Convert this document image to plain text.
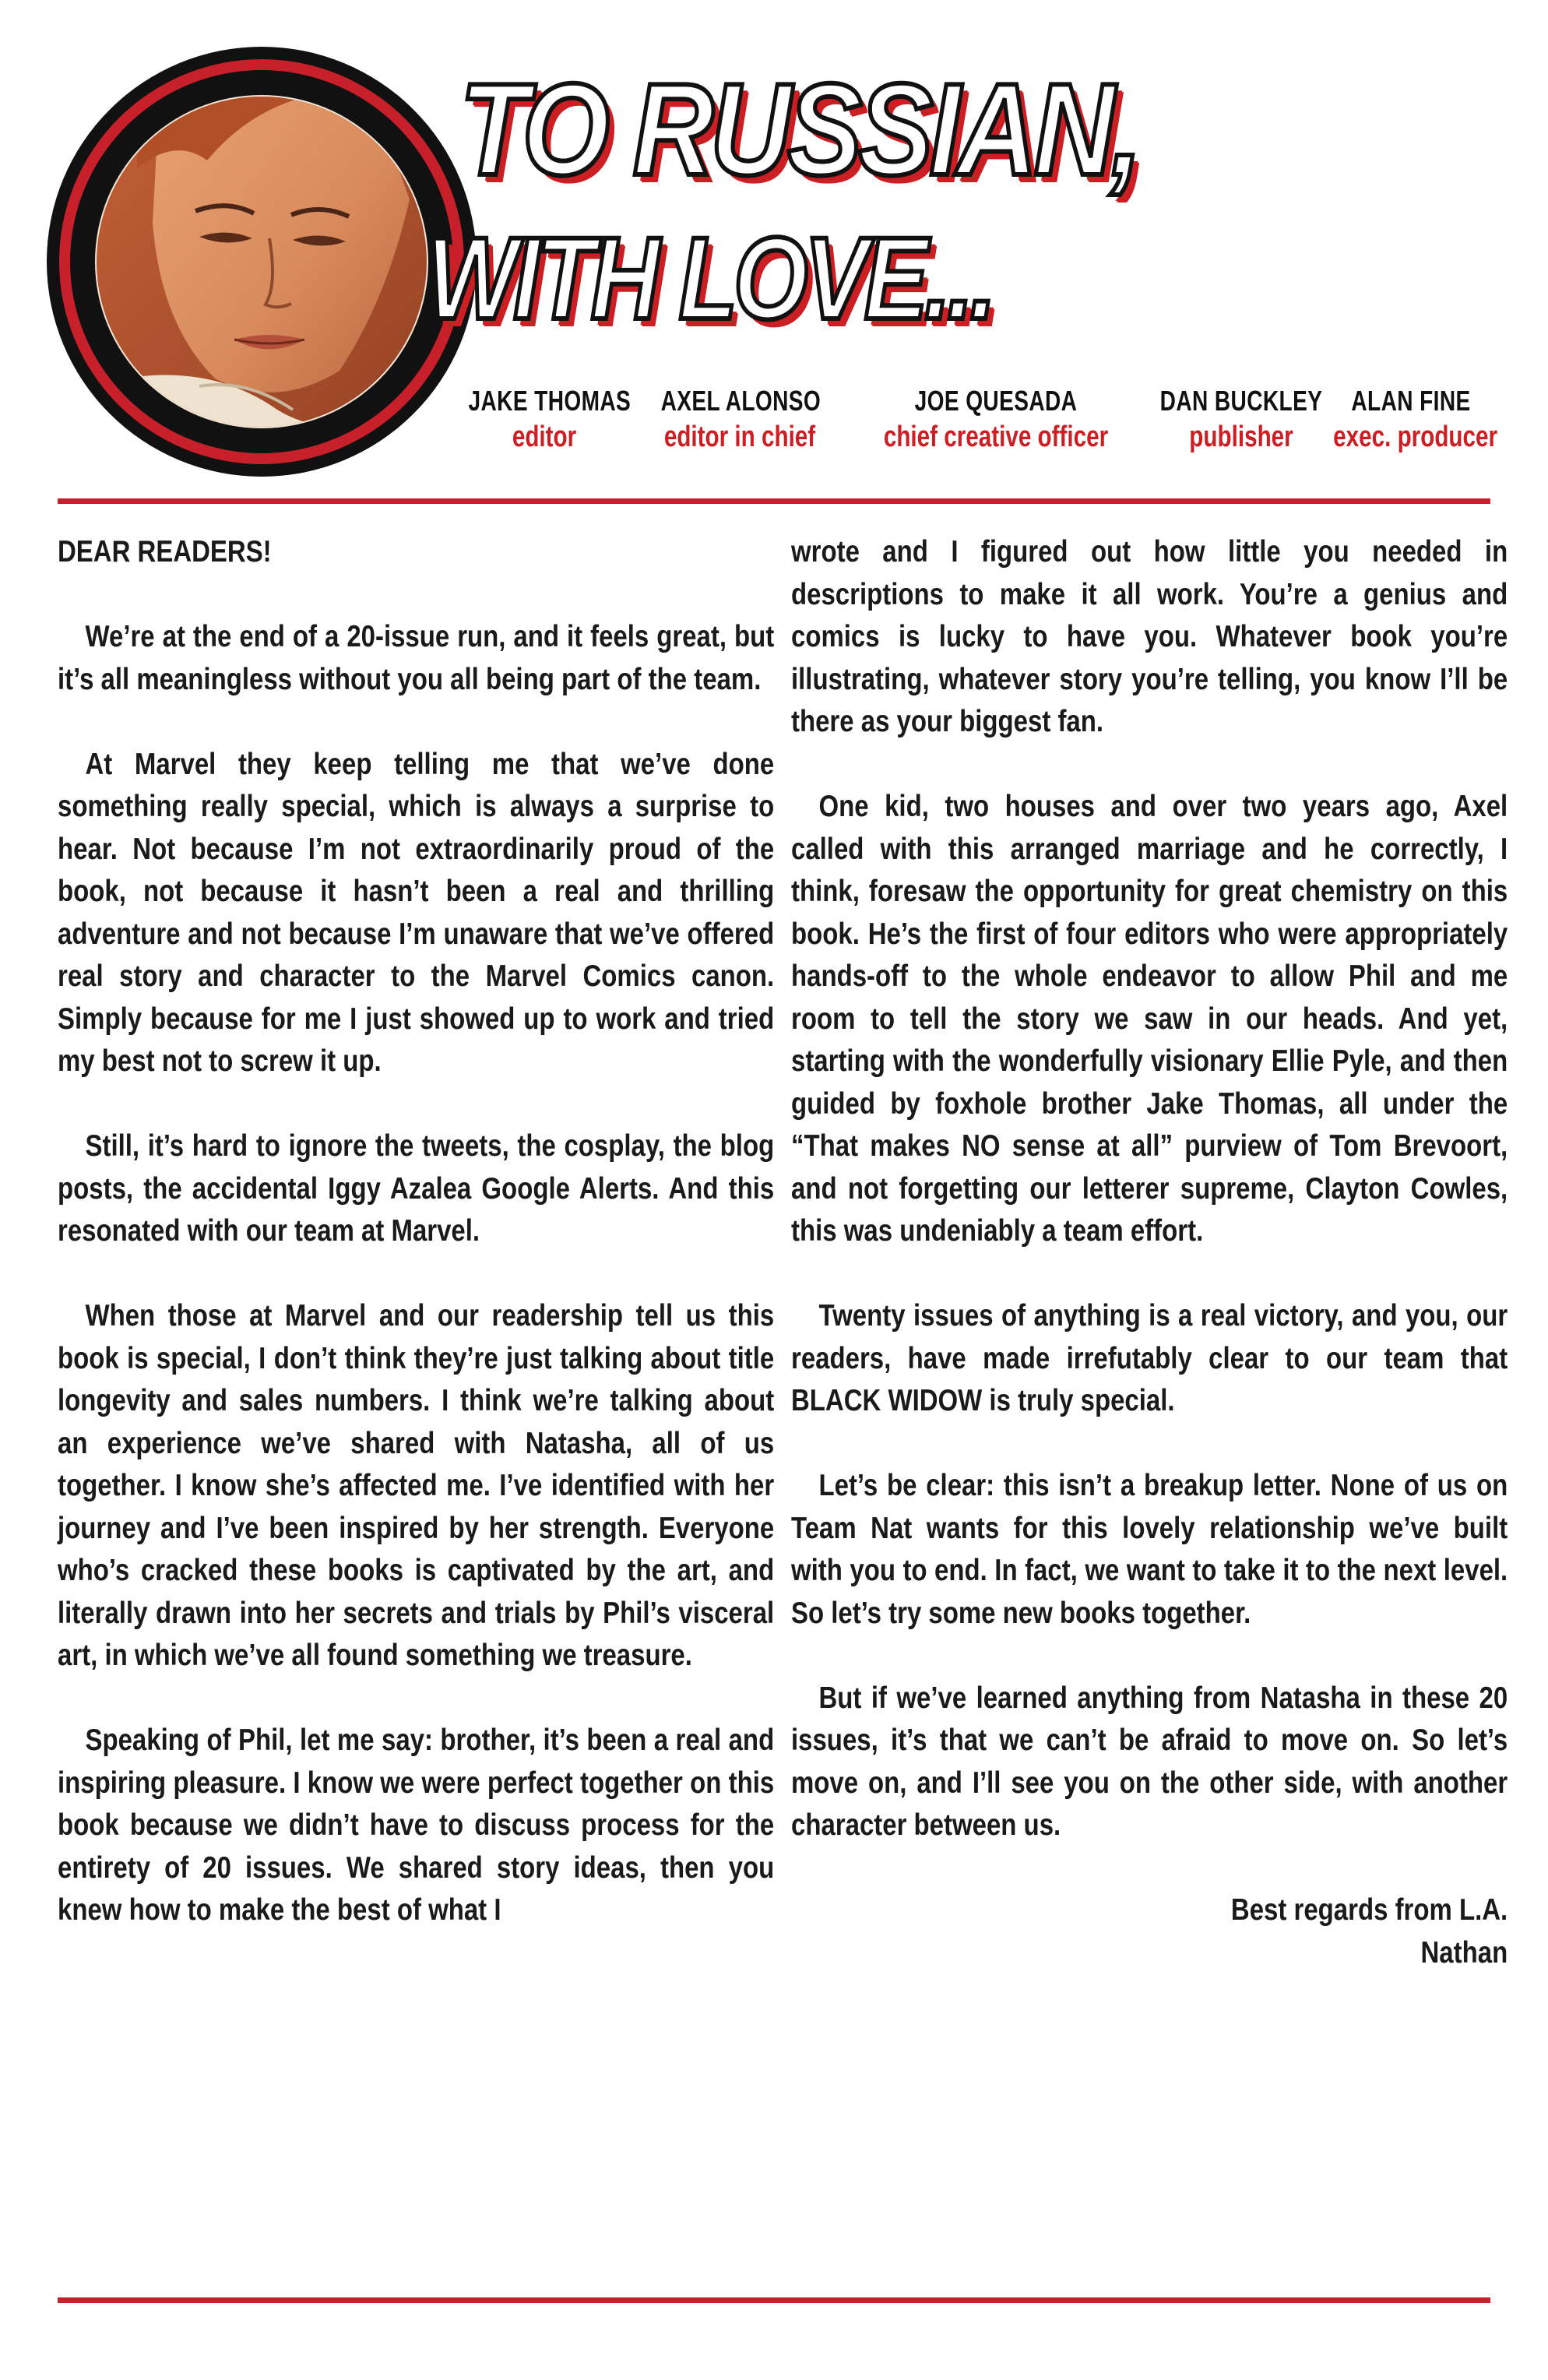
TO RUSSIAN,
WITH LOVE...
JAKE THOMAS
editor
AXEL ALONSO
editor in chief
JOE QUESADA
chief creative officer
DAN BUCKLEY
publisher
ALAN FINE
exec. producer

DEAR READERS!

We’re at the end of a 20-issue run, and it feels great, but it’s all meaningless without you all being part of the team.

At Marvel they keep telling me that we’ve done something really special, which is always a surprise to hear. Not because I’m not extraordinarily proud of the book, not because it hasn’t been a real and thrilling adventure and not because I’m unaware that we’ve offered real story and character to the Marvel Comics canon. Simply because for me I just showed up to work and tried my best not to screw it up.

Still, it’s hard to ignore the tweets, the cosplay, the blog posts, the accidental Iggy Azalea Google Alerts. And this resonated with our team at Marvel.

When those at Marvel and our readership tell us this book is special, I don’t think they’re just talking about title longevity and sales numbers. I think we’re talking about an experience we’ve shared with Natasha, all of us together. I know she’s affected me. I’ve identified with her journey and I’ve been inspired by her strength. Everyone who’s cracked these books is captivated by the art, and literally drawn into her secrets and trials by Phil’s visceral art, in which we’ve all found something we treasure.

Speaking of Phil, let me say: brother, it’s been a real and inspiring pleasure. I know we were perfect together on this book because we didn’t have to discuss process for the entirety of 20 issues. We shared story ideas, then you knew how to make the best of what I

wrote and I figured out how little you needed in descriptions to make it all work. You’re a genius and comics is lucky to have you. Whatever book you’re illustrating, whatever story you’re telling, you know I’ll be there as your biggest fan.

One kid, two houses and over two years ago, Axel called with this arranged marriage and he correctly, I think, foresaw the opportunity for great chemistry on this book. He’s the first of four editors who were appropriately hands-off to the whole endeavor to allow Phil and me room to tell the story we saw in our heads. And yet, starting with the wonderfully visionary Ellie Pyle, and then guided by foxhole brother Jake Thomas, all under the “That makes NO sense at all” purview of Tom Brevoort, and not forgetting our letterer supreme, Clayton Cowles, this was undeniably a team effort.

Twenty issues of anything is a real victory, and you, our readers, have made irrefutably clear to our team that BLACK WIDOW is truly special.

Let’s be clear: this isn’t a breakup letter. None of us on Team Nat wants for this lovely relationship we’ve built with you to end. In fact, we want to take it to the next level. So let’s try some new books together.

But if we’ve learned anything from Natasha in these 20 issues, it’s that we can’t be afraid to move on. So let’s move on, and I’ll see you on the other side, with another character between us.

Best regards from L.A.
Nathan
